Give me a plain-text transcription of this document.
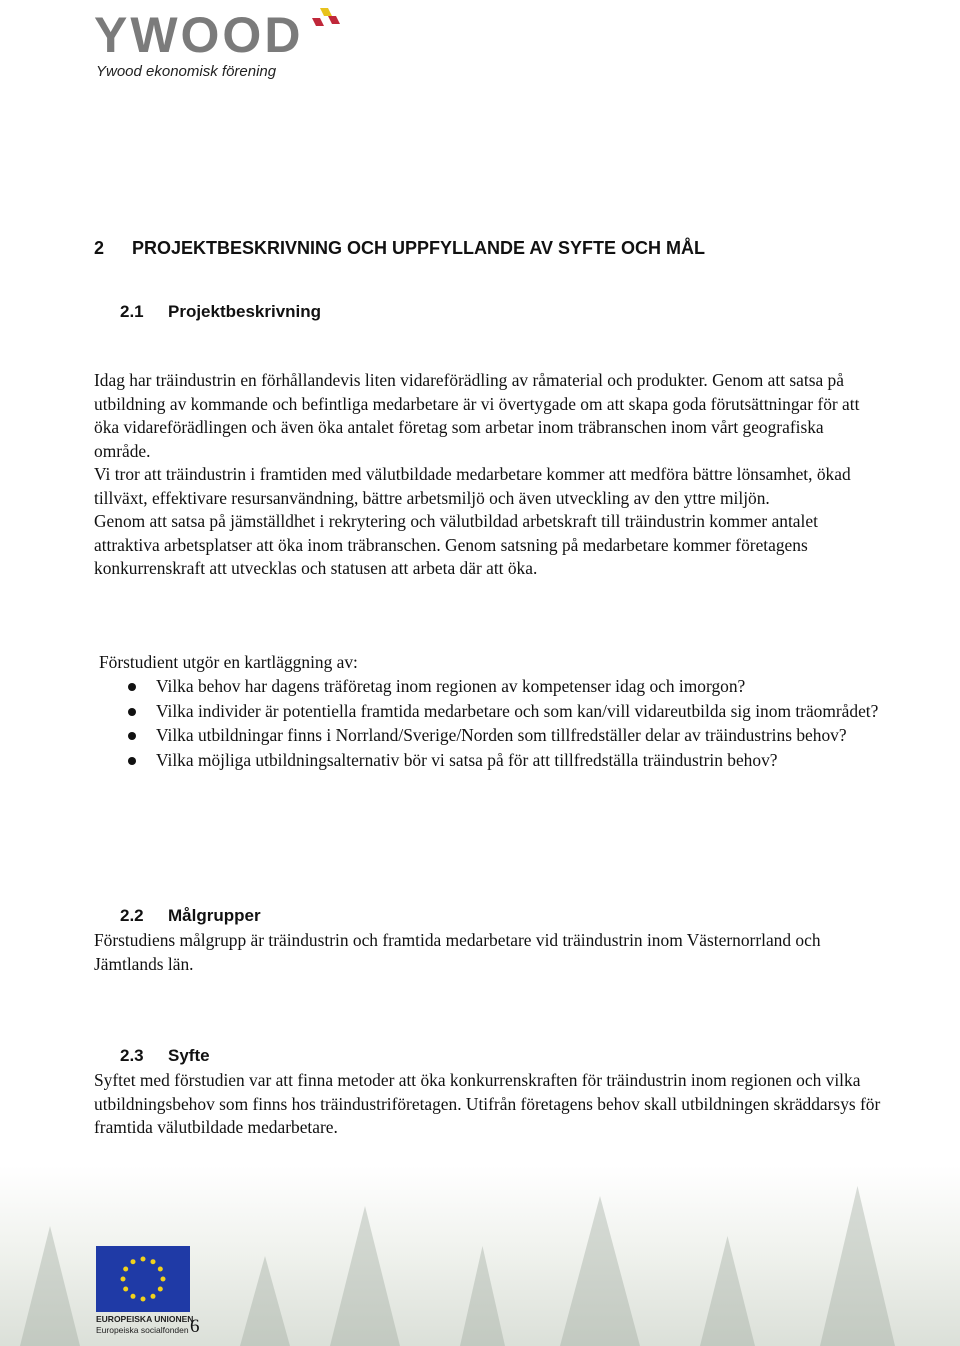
YWOOD
Ywood ekonomisk förening
2 PROJEKTBESKRIVNING OCH UPPFYLLANDE AV SYFTE OCH MÅL
2.1 Projektbeskrivning

Idag har träindustrin en förhållandevis liten vidareförädling av råmaterial och produkter. Genom att satsa på utbildning av kommande och befintliga medarbetare är vi övertygade om att skapa goda förutsättningar för att öka vidareförädlingen och även öka antalet företag som arbetar inom träbranschen inom vårt geografiska område.

Vi tror att träindustrin i framtiden med välutbildade medarbetare kommer att medföra bättre lönsamhet, ökad tillväxt, effektivare resursanvändning, bättre arbetsmiljö och även utveckling av den yttre miljön.

Genom att satsa på jämställdhet i rekrytering och välutbildad arbetskraft till träindustrin kommer antalet attraktiva arbetsplatser att öka inom träbranschen. Genom satsning på medarbetare kommer företagens konkurrenskraft att utvecklas och statusen att arbeta där att öka.

Förstudient utgör en kartläggning av:
Vilka behov har dagens träföretag inom regionen av kompetenser idag och imorgon?
Vilka individer är potentiella framtida medarbetare och som kan/vill vidareutbilda sig inom träområdet?
Vilka utbildningar finns i Norrland/Sverige/Norden som tillfredställer delar av träindustrins behov?
Vilka möjliga utbildningsalternativ bör vi satsa på för att tillfredställa träindustrin behov?
2.2 Målgrupper

Förstudiens målgrupp är träindustrin och framtida medarbetare vid träindustrin inom Västernorrland och Jämtlands län.

2.3 Syfte

Syftet med förstudien var att finna metoder att öka konkurrenskraften för träindustrin inom regionen och vilka utbildningsbehov som finns hos träindustriföretagen. Utifrån företagens behov skall utbildningen skräddarsys för framtida välutbildade medarbetare.

EUROPEISKA UNIONEN
Europeiska socialfonden 6
